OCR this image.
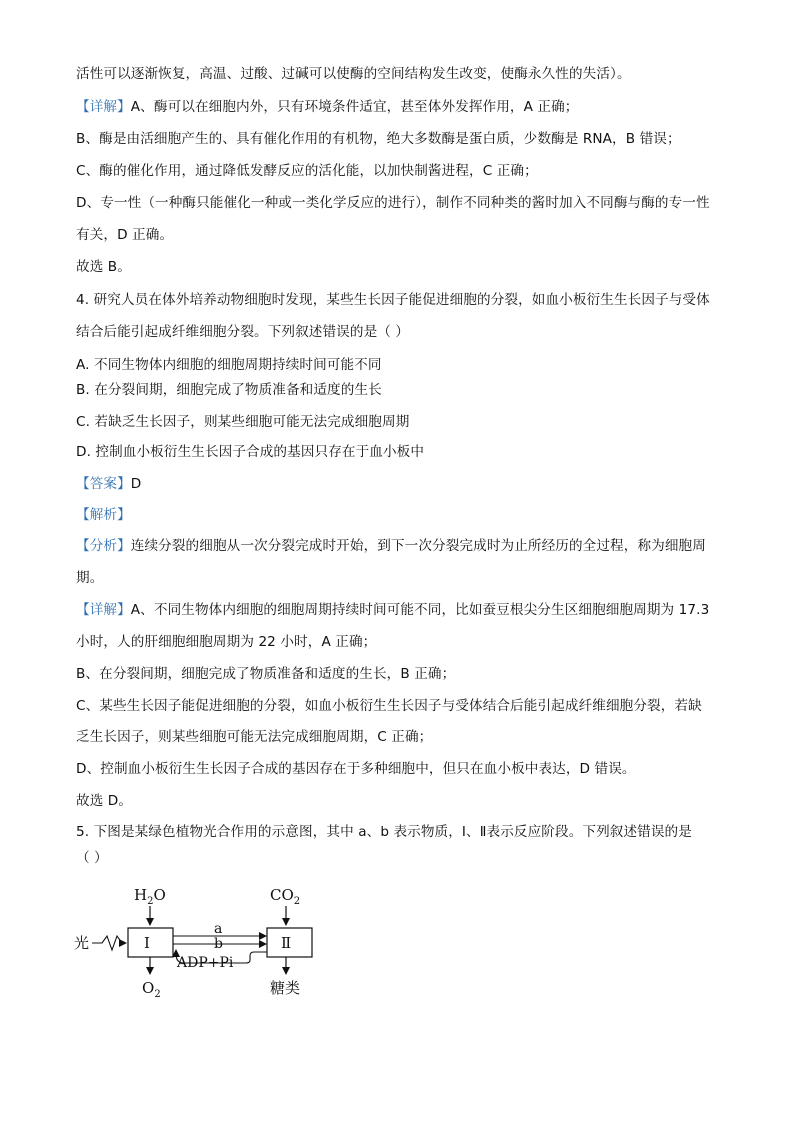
活性可以逐渐恢复，高温、过酸、过碱可以使酶的空间结构发生改变，使酶永久性的失活）。
【详解】A、酶可以在细胞内外，只有环境条件适宜，甚至体外发挥作用，A 正确；
B、酶是由活细胞产生的、具有催化作用的有机物，绝大多数酶是蛋白质，少数酶是 RNA，B 错误；
C、酶的催化作用，通过降低发酵反应的活化能，以加快制酱进程，C 正确；
D、专一性（一种酶只能催化一种或一类化学反应的进行），制作不同种类的酱时加入不同酶与酶的专一性
有关，D 正确。
故选 B。
4. 研究人员在体外培养动物细胞时发现，某些生长因子能促进细胞的分裂，如血小板衍生生长因子与受体
结合后能引起成纤维细胞分裂。下列叙述错误的是（ ）
A. 不同生物体内细胞的细胞周期持续时间可能不同
B. 在分裂间期，细胞完成了物质准备和适度的生长
C. 若缺乏生长因子，则某些细胞可能无法完成细胞周期
D. 控制血小板衍生生长因子合成的基因只存在于血小板中
【答案】D
【解析】
【分析】连续分裂的细胞从一次分裂完成时开始，到下一次分裂完成时为止所经历的全过程，称为细胞周
期。
【详解】A、不同生物体内细胞的细胞周期持续时间可能不同，比如蚕豆根尖分生区细胞细胞周期为 17.3
小时，人的肝细胞细胞周期为 22 小时，A 正确；
B、在分裂间期，细胞完成了物质准备和适度的生长，B 正确；
C、某些生长因子能促进细胞的分裂，如血小板衍生生长因子与受体结合后能引起成纤维细胞分裂，若缺
乏生长因子，则某些细胞可能无法完成细胞周期，C 正确；
D、控制血小板衍生生长因子合成的基因存在于多种细胞中，但只在血小板中表达，D 错误。
故选 D。
5. 下图是某绿色植物光合作用的示意图，其中 a、b 表示物质，Ⅰ、Ⅱ表示反应阶段。下列叙述错误的是
（ ）
$H_2O$	$CO_2$
光	Ⅰ	Ⅱ
a
b
ADP+Pi
$O_2$	糖类
